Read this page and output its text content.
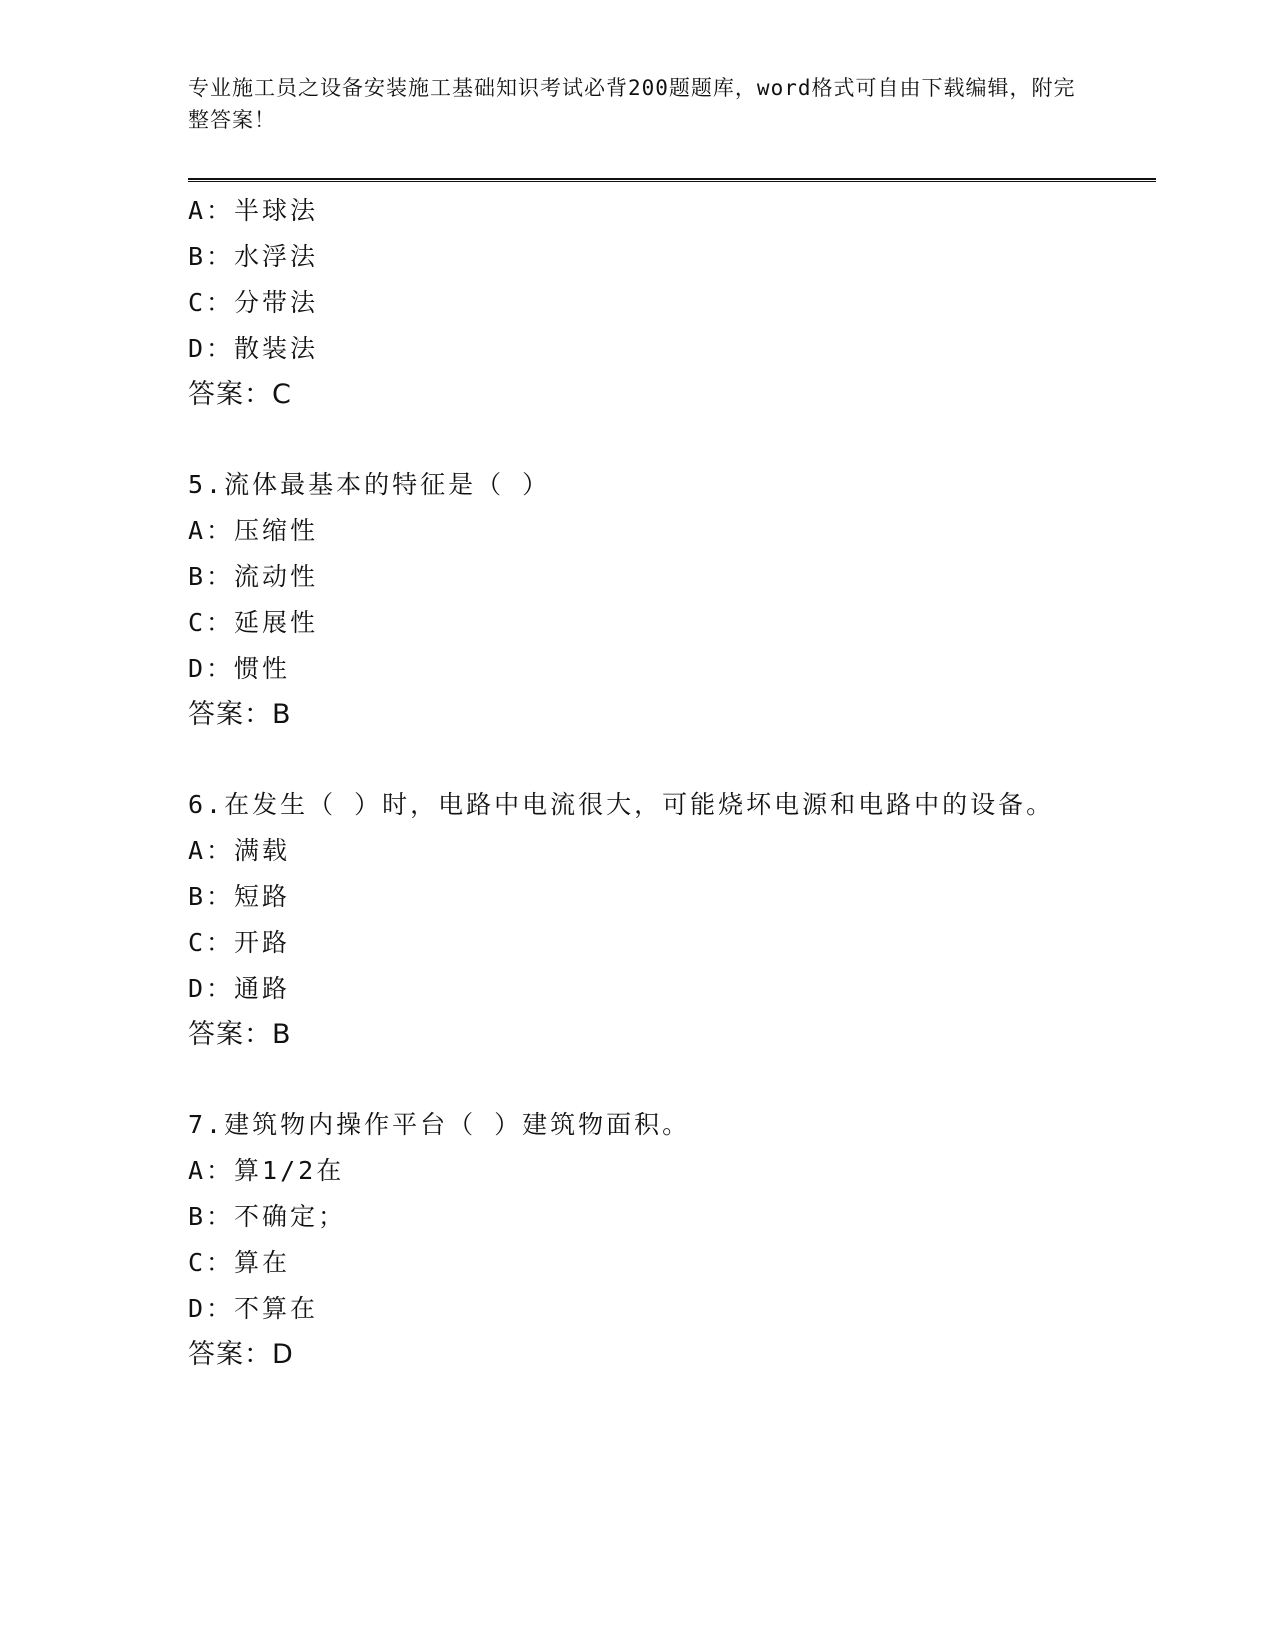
专业施工员之设备安装施工基础知识考试必背200题题库，word格式可自由下载编辑，附完整答案！
A：半球法
B：水浮法
C：分带法
D：散装法
答案：C
5.流体最基本的特征是（ ）
A：压缩性
B：流动性
C：延展性
D：惯性
答案：B
6.在发生（ ）时，电路中电流很大，可能烧坏电源和电路中的设备。
A：满载
B：短路
C：开路
D：通路
答案：B
7.建筑物内操作平台（ ）建筑物面积。
A：算1/2在
B：不确定；
C：算在
D：不算在
答案：D
